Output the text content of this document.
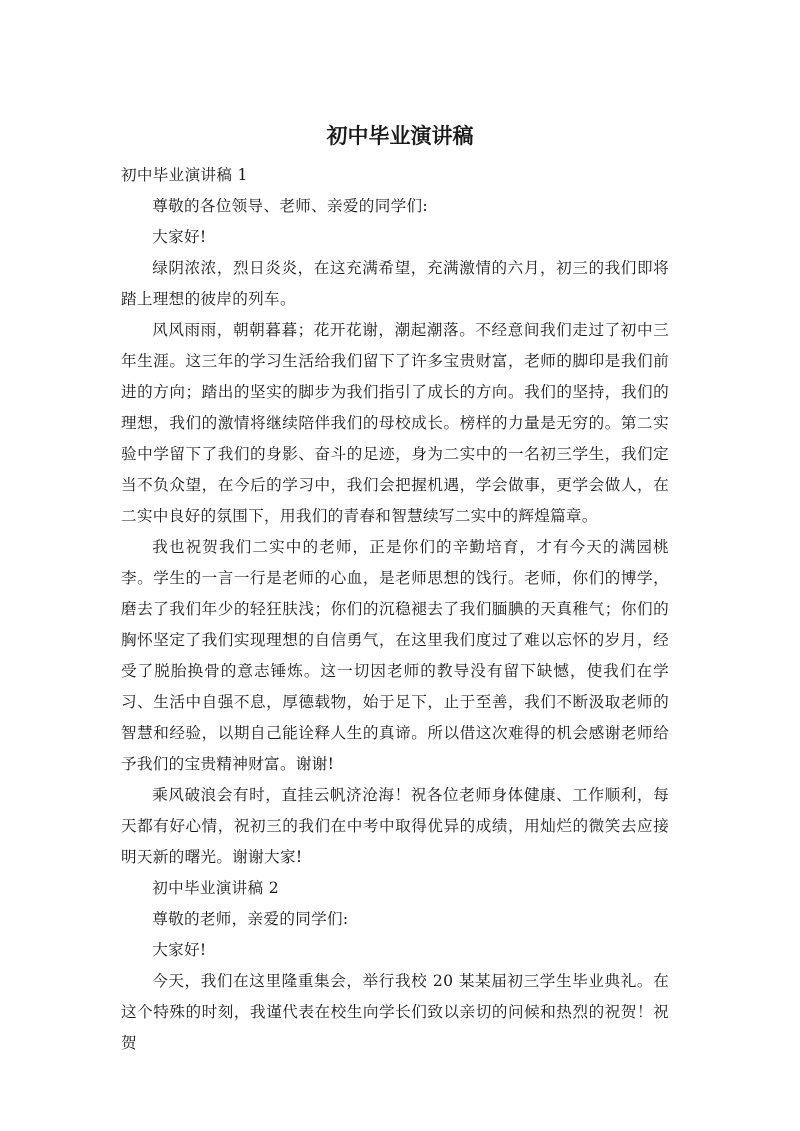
初中毕业演讲稿

初中毕业演讲稿 1

尊敬的各位领导、老师、亲爱的同学们:

大家好!

绿阴浓浓，烈日炎炎，在这充满希望，充满激情的六月，初三的我们即将踏上理想的彼岸的列车。

风风雨雨，朝朝暮暮；花开花谢，潮起潮落。不经意间我们走过了初中三年生涯。这三年的学习生活给我们留下了许多宝贵财富，老师的脚印是我们前进的方向；踏出的坚实的脚步为我们指引了成长的方向。我们的坚持，我们的理想，我们的激情将继续陪伴我们的母校成长。榜样的力量是无穷的。第二实验中学留下了我们的身影、奋斗的足迹，身为二实中的一名初三学生，我们定当不负众望，在今后的学习中，我们会把握机遇，学会做事，更学会做人，在二实中良好的氛围下，用我们的青春和智慧续写二实中的辉煌篇章。

我也祝贺我们二实中的老师，正是你们的辛勤培育，才有今天的满园桃李。学生的一言一行是老师的心血，是老师思想的饯行。老师，你们的博学，磨去了我们年少的轻狂肤浅；你们的沉稳褪去了我们腼腆的天真稚气；你们的胸怀坚定了我们实现理想的自信勇气，在这里我们度过了难以忘怀的岁月，经受了脱胎换骨的意志锤炼。这一切因老师的教导没有留下缺憾，使我们在学习、生活中自强不息，厚德载物，始于足下，止于至善，我们不断汲取老师的智慧和经验，以期自己能诠释人生的真谛。所以借这次难得的机会感谢老师给予我们的宝贵精神财富。谢谢!

乘风破浪会有时，直挂云帆济沧海！祝各位老师身体健康、工作顺利，每天都有好心情，祝初三的我们在中考中取得优异的成绩，用灿烂的微笑去应接明天新的曙光。谢谢大家!

初中毕业演讲稿 2

尊敬的老师，亲爱的同学们:

大家好!

今天，我们在这里隆重集会，举行我校 20 某某届初三学生毕业典礼。在这个特殊的时刻，我谨代表在校生向学长们致以亲切的问候和热烈的祝贺！祝贺
